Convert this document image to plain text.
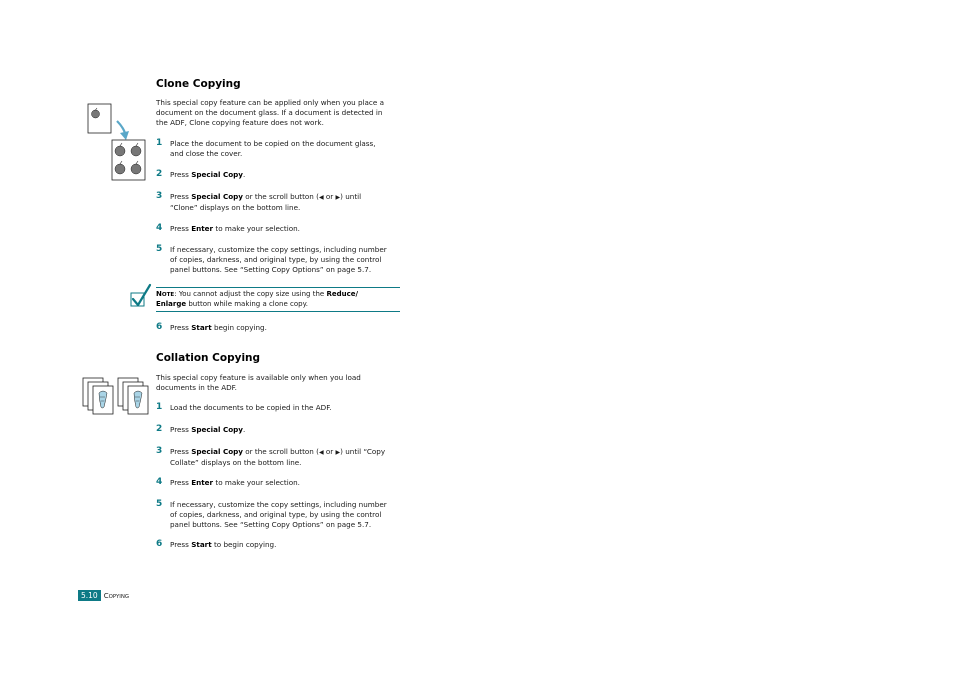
Clone Copying
This special copy feature can be applied only when you place a
document on the document glass. If a document is detected in
the ADF, Clone copying feature does not work.
1 Place the document to be copied on the document glass,
and close the cover.
2 Press Special Copy.
3 Press Special Copy or the scroll button (◀ or ▶) until
“Clone” displays on the bottom line.
4 Press Enter to make your selection.
5 If necessary, customize the copy settings, including number
of copies, darkness, and original type, by using the control
panel buttons. See “Setting Copy Options” on page 5.7.
NOTE: You cannot adjust the copy size using the Reduce/
Enlarge button while making a clone copy.
6 Press Start begin copying.
Collation Copying
This special copy feature is available only when you load
documents in the ADF.
1 Load the documents to be copied in the ADF.
2 Press Special Copy.
3 Press Special Copy or the scroll button (◀ or ▶) until “Copy
Collate” displays on the bottom line.
4 Press Enter to make your selection.
5 If necessary, customize the copy settings, including number
of copies, darkness, and original type, by using the control
panel buttons. See “Setting Copy Options” on page 5.7.
6 Press Start to begin copying.
5.10 COPYING
